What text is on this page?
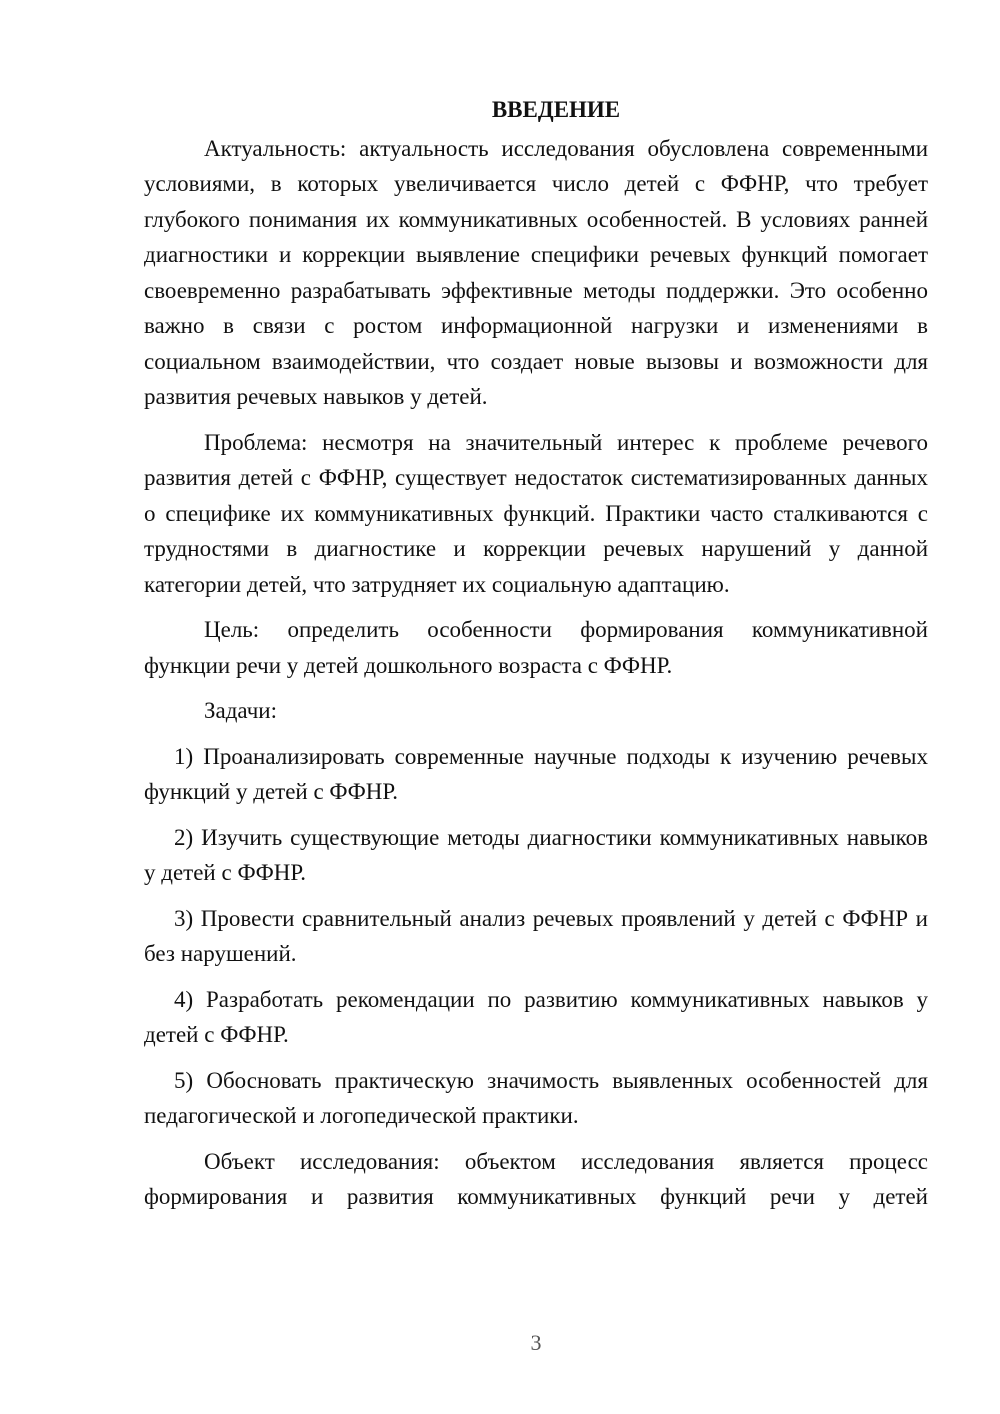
ВВЕДЕНИЕ

Актуальность: актуальность исследования обусловлена современными условиями, в которых увеличивается число детей с ФФНР, что требует глубокого понимания их коммуникативных особенностей. В условиях ранней диагностики и коррекции выявление специфики речевых функций помогает своевременно разрабатывать эффективные методы поддержки. Это особенно важно в связи с ростом информационной нагрузки и изменениями в социальном взаимодействии, что создает новые вызовы и возможности для развития речевых навыков у детей.

Проблема: несмотря на значительный интерес к проблеме речевого развития детей с ФФНР, существует недостаток систематизированных данных о специфике их коммуникативных функций. Практики часто сталкиваются с трудностями в диагностике и коррекции речевых нарушений у данной категории детей, что затрудняет их социальную адаптацию.

Цель: определить особенности формирования коммуникативной функции речи у детей дошкольного возраста с ФФНР.

Задачи:

1) Проанализировать современные научные подходы к изучению речевых функций у детей с ФФНР.

2) Изучить существующие методы диагностики коммуникативных навыков у детей с ФФНР.

3) Провести сравнительный анализ речевых проявлений у детей с ФФНР и без нарушений.

4) Разработать рекомендации по развитию коммуникативных навыков у детей с ФФНР.

5) Обосновать практическую значимость выявленных особенностей для педагогической и логопедической практики.

Объект исследования: объектом исследования является процесс формирования и развития коммуникативных функций речи у детей

3
